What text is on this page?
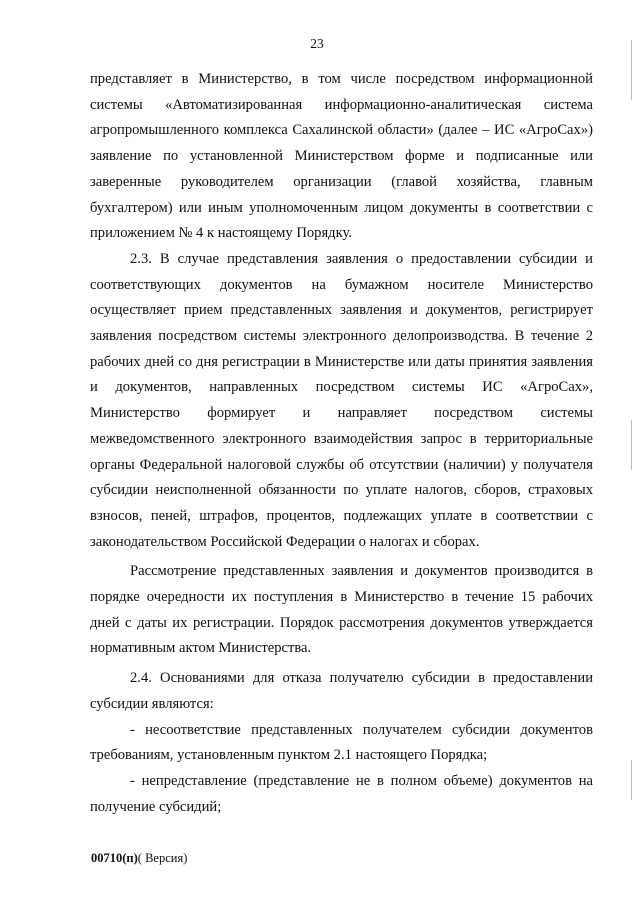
23

представляет в Министерство, в том числе посредством информационной системы «Автоматизированная информационно-аналитическая система агропромышленного комплекса Сахалинской области» (далее – ИС «АгроСах») заявление по установленной Министерством форме и подписанные или заверенные руководителем организации (главой хозяйства, главным бухгалтером) или иным уполномоченным лицом документы в соответствии с приложением № 4 к настоящему Порядку.

2.3. В случае представления заявления о предоставлении субсидии и соответствующих документов на бумажном носителе Министерство осуществляет прием представленных заявления и документов, регистрирует заявления посредством системы электронного делопроизводства. В течение 2 рабочих дней со дня регистрации в Министерстве или даты принятия заявления и документов, направленных посредством системы ИС «АгроСах», Министерство формирует и направляет посредством системы межведомственного электронного взаимодействия запрос в территориальные органы Федеральной налоговой службы об отсутствии (наличии) у получателя субсидии неисполненной обязанности по уплате налогов, сборов, страховых взносов, пеней, штрафов, процентов, подлежащих уплате в соответствии с законодательством Российской Федерации о налогах и сборах.

Рассмотрение представленных заявления и документов производится в порядке очередности их поступления в Министерство в течение 15 рабочих дней с даты их регистрации. Порядок рассмотрения документов утверждается нормативным актом Министерства.

2.4. Основаниями для отказа получателю субсидии в предоставлении субсидии являются:

- несоответствие представленных получателем субсидии документов требованиям, установленным пунктом 2.1 настоящего Порядка;

- непредставление (представление не в полном объеме) документов на получение субсидий;

00710(п)( Версия)
